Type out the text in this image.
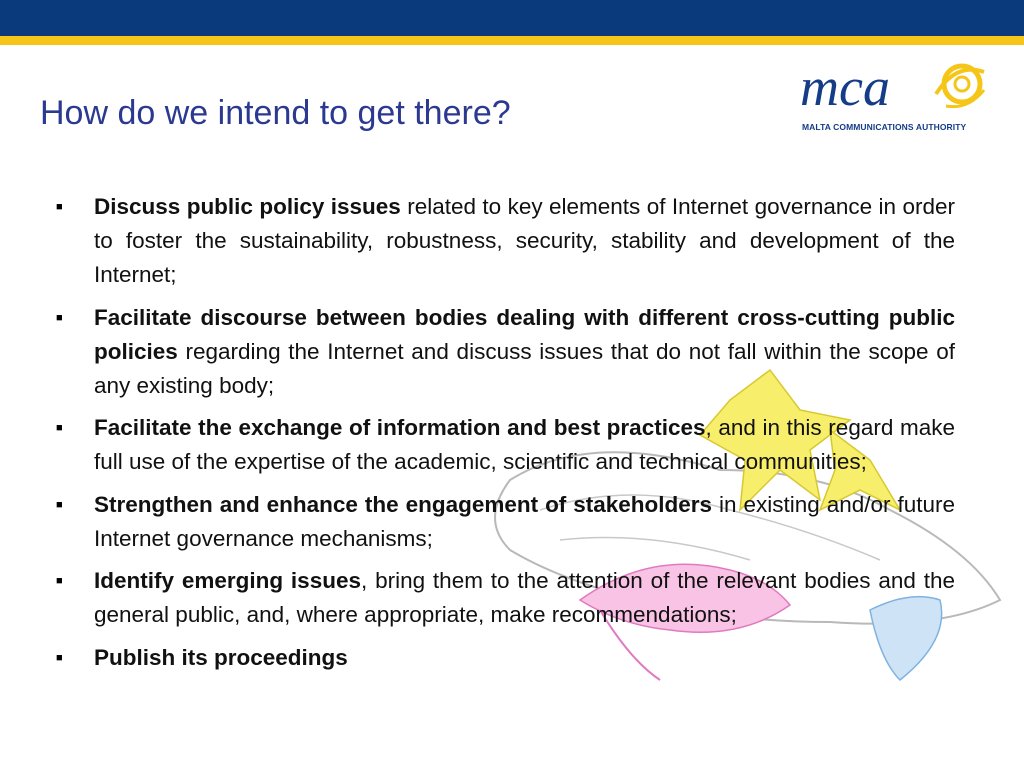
How do we intend to get there?	mca
MALTA COMMUNICATIONS AUTHORITY
■ Discuss public policy issues related to key elements of Internet governance in order to foster the sustainability, robustness, security, stability and development of the Internet;
■ Facilitate discourse between bodies dealing with different cross-cutting public policies regarding the Internet and discuss issues that do not fall within the scope of any existing body;
■ Facilitate the exchange of information and best practices, and in this regard make full use of the expertise of the academic, scientific and technical communities;
■ Strengthen and enhance the engagement of stakeholders in existing and/or future Internet governance mechanisms;
■ Identify emerging issues, bring them to the attention of the relevant bodies and the general public, and, where appropriate, make recommendations;
■ Publish its proceedings
